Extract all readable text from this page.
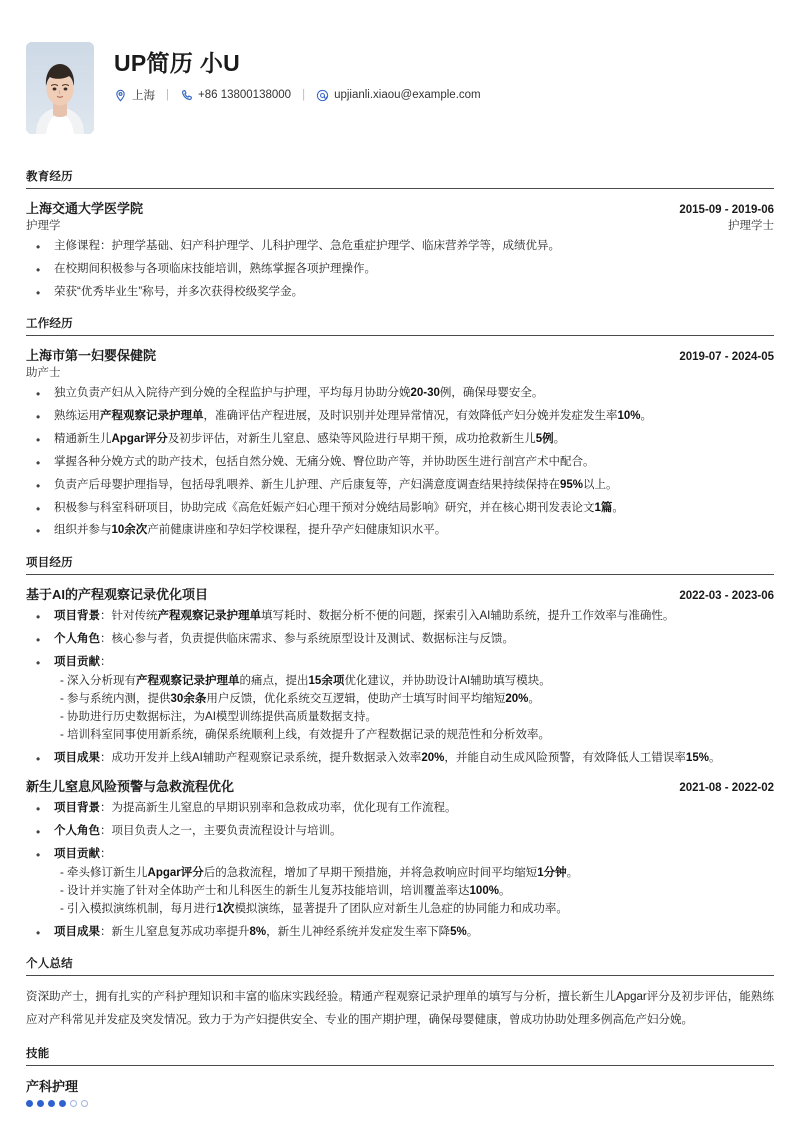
UP简历 小U
上海 |	+86 13800138000 |	upjianli.xiaou@example.com
教育经历
上海交通大学医学院	2015-09 - 2019-06
护理学	护理学士
• 主修课程：护理学基础、妇产科护理学、儿科护理学、急危重症护理学、临床营养学等，成绩优异。
• 在校期间积极参与各项临床技能培训，熟练掌握各项护理操作。
• 荣获“优秀毕业生”称号，并多次获得校级奖学金。
工作经历
上海市第一妇婴保健院	2019-07 - 2024-05
助产士
• 独立负责产妇从入院待产到分娩的全程监护与护理，平均每月协助分娩20-30例，确保母婴安全。
• 熟练运用产程观察记录护理单，准确评估产程进展，及时识别并处理异常情况，有效降低产妇分娩并发症发生率10%。
• 精通新生儿Apgar评分及初步评估，对新生儿窒息、感染等风险进行早期干预，成功抢救新生儿5例。
• 掌握各种分娩方式的助产技术，包括自然分娩、无痛分娩、臀位助产等，并协助医生进行剖宫产术中配合。
• 负责产后母婴护理指导，包括母乳喂养、新生儿护理、产后康复等，产妇满意度调查结果持续保持在95%以上。
• 积极参与科室科研项目，协助完成《高危妊娠产妇心理干预对分娩结局影响》研究，并在核心期刊发表论文1篇。
• 组织并参与10余次产前健康讲座和孕妇学校课程，提升孕产妇健康知识水平。
项目经历
基于AI的产程观察记录优化项目	2022-03 - 2023-06
• 项目背景：针对传统产程观察记录护理单填写耗时、数据分析不便的问题，探索引入AI辅助系统，提升工作效率与准确性。
• 个人角色：核心参与者，负责提供临床需求、参与系统原型设计及测试、数据标注与反馈。
• 项目贡献：
- 深入分析现有产程观察记录护理单的痛点，提出15余项优化建议，并协助设计AI辅助填写模块。
- 参与系统内测，提供30余条用户反馈，优化系统交互逻辑，使助产士填写时间平均缩短20%。
- 协助进行历史数据标注，为AI模型训练提供高质量数据支持。
- 培训科室同事使用新系统，确保系统顺利上线，有效提升了产程数据记录的规范性和分析效率。
• 项目成果：成功开发并上线AI辅助产程观察记录系统，提升数据录入效率20%，并能自动生成风险预警，有效降低人工错误率15%。
新生儿窒息风险预警与急救流程优化	2021-08 - 2022-02
• 项目背景：为提高新生儿窒息的早期识别率和急救成功率，优化现有工作流程。
• 个人角色：项目负责人之一，主要负责流程设计与培训。
• 项目贡献：
- 牵头修订新生儿Apgar评分后的急救流程，增加了早期干预措施，并将急救响应时间平均缩短1分钟。
- 设计并实施了针对全体助产士和儿科医生的新生儿复苏技能培训，培训覆盖率达100%。
- 引入模拟演练机制，每月进行1次模拟演练，显著提升了团队应对新生儿急症的协同能力和成功率。
• 项目成果：新生儿窒息复苏成功率提升8%，新生儿神经系统并发症发生率下降5%。
个人总结
资深助产士，拥有扎实的产科护理知识和丰富的临床实践经验。精通产程观察记录护理单的填写与分析，擅长新生儿Apgar评分及初步评估，能熟练应对产科常见并发症及突发情况。致力于为产妇提供安全、专业的围产期护理，确保母婴健康，曾成功协助处理多例高危产妇分娩。
技能
产科护理
